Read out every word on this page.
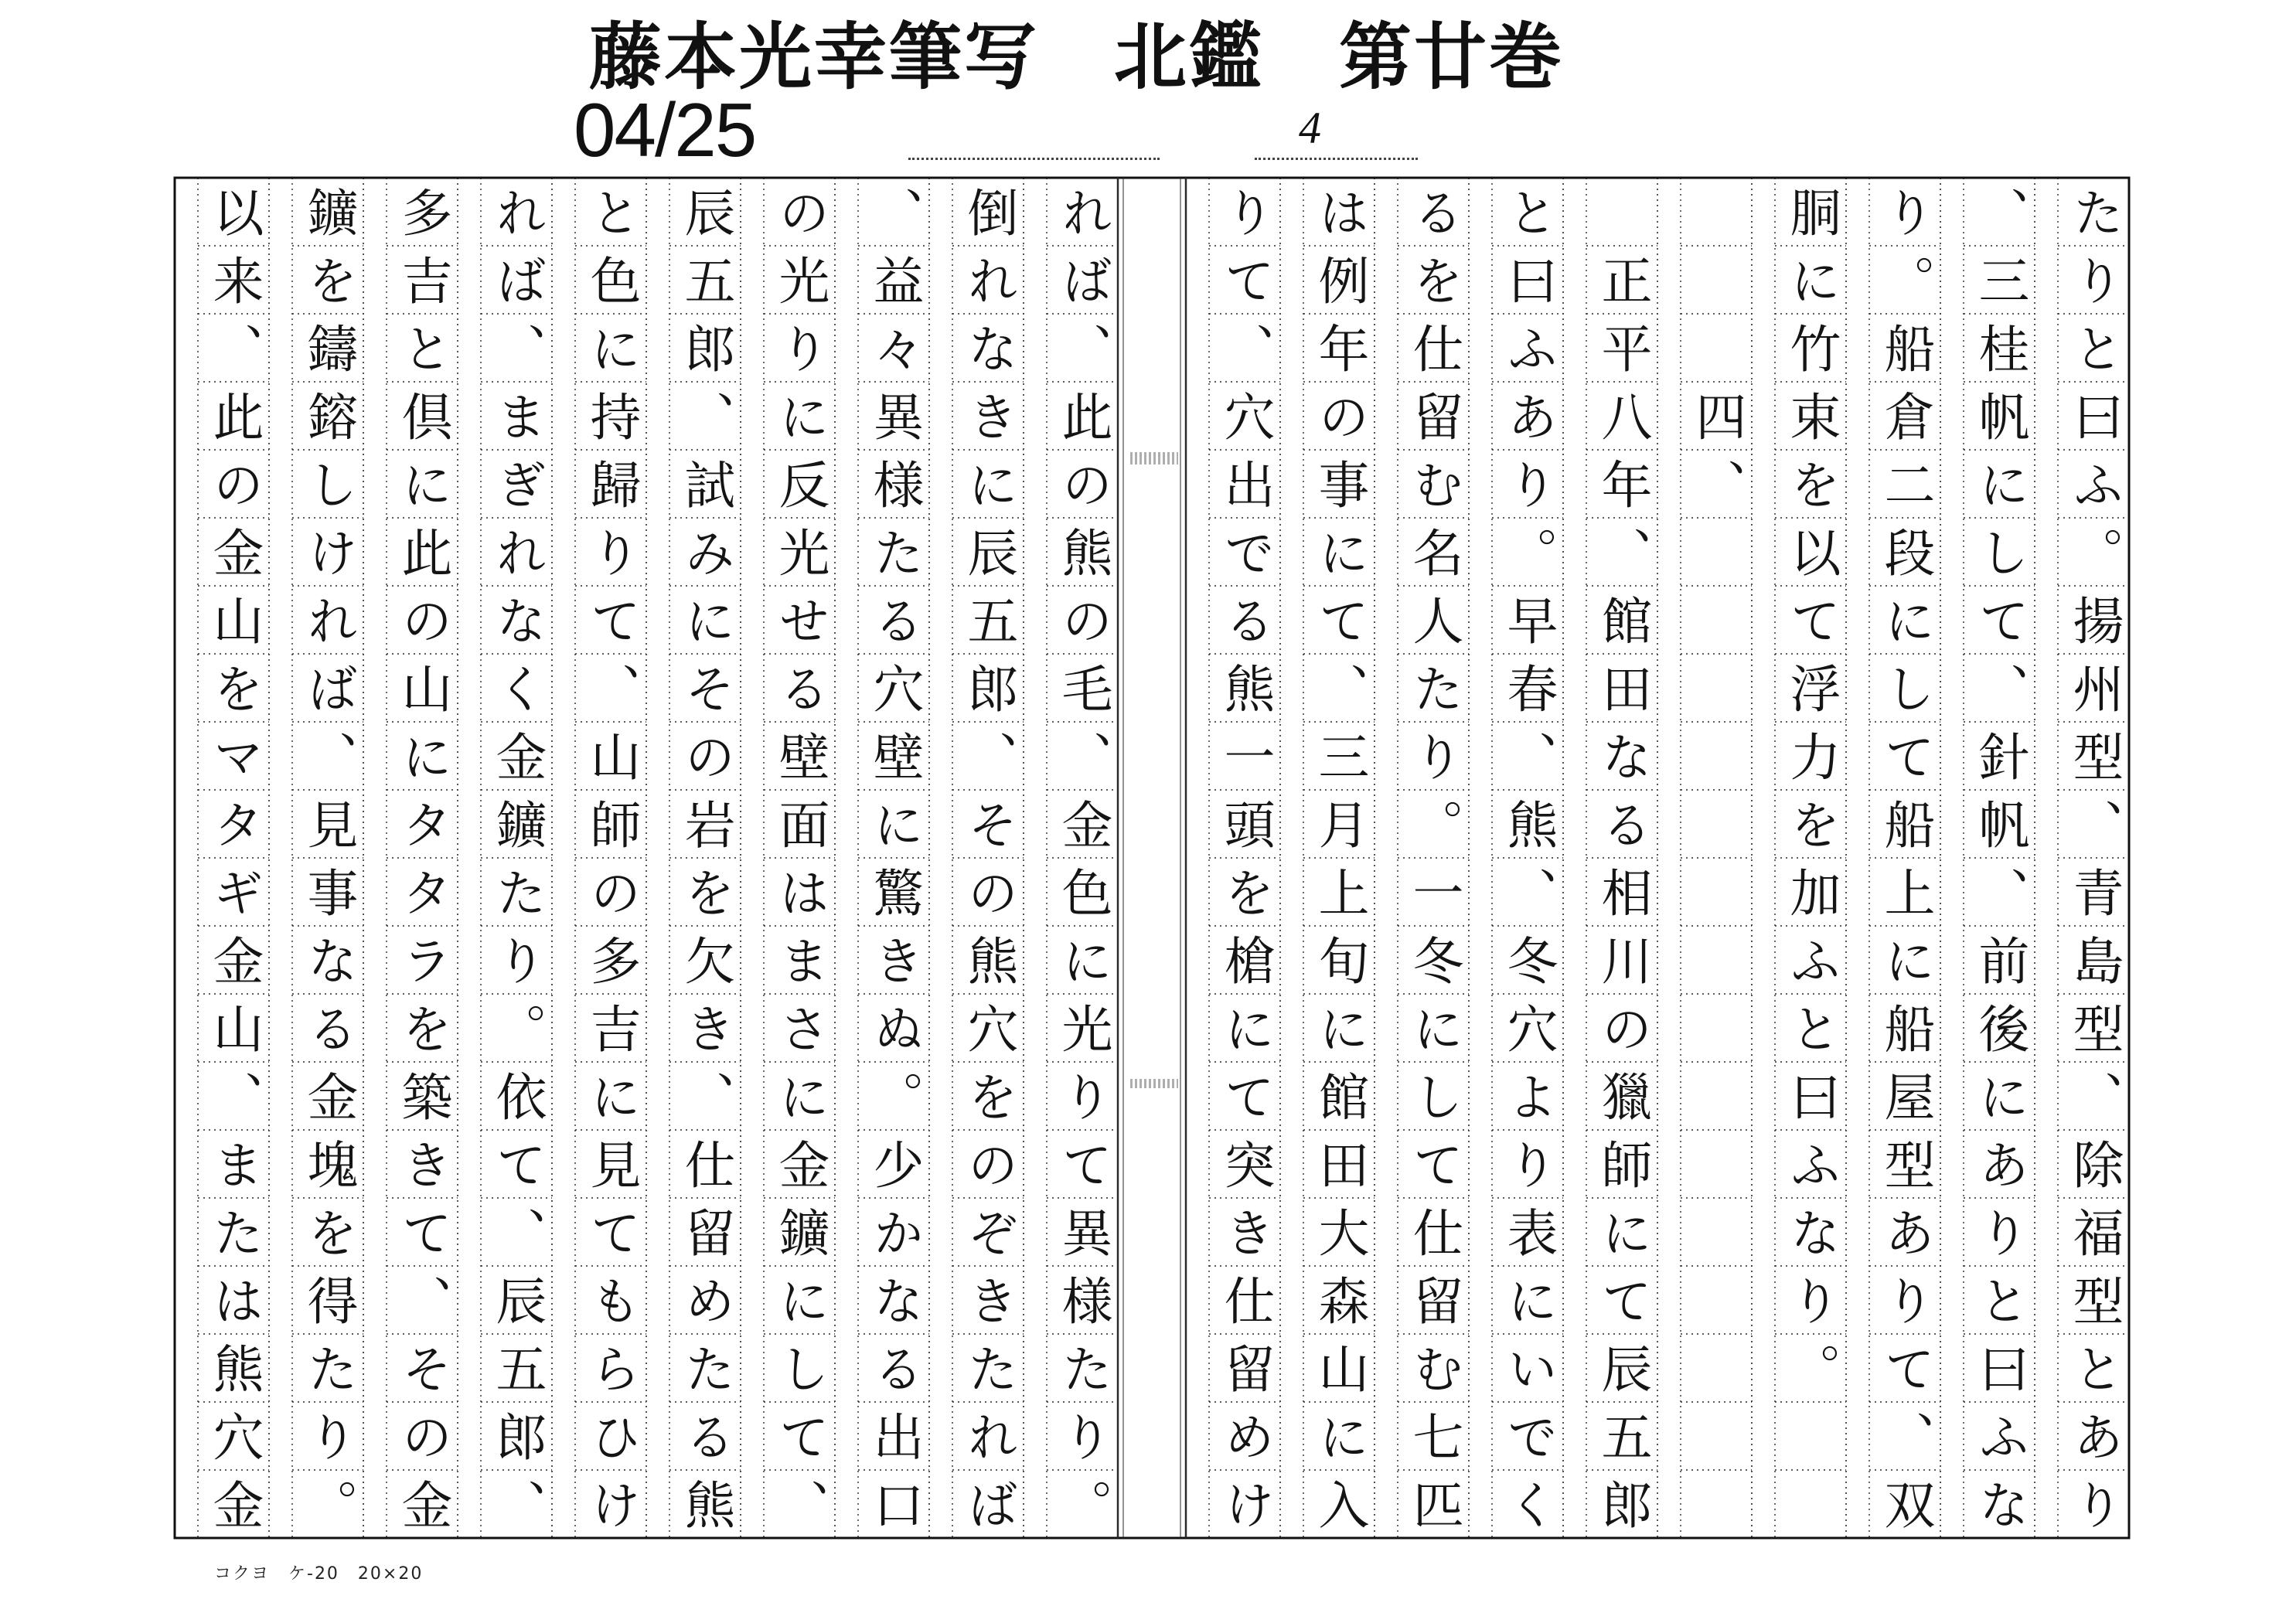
藤本光幸筆写　北鑑　第廿巻
04/25	4
たりと曰ふ。揚州型、青島型、除福型とあり
、三桂帆にして、針帆、前後にありと曰ふな
り。船倉二段にして船上に船屋型ありて、双
胴に竹束を以て浮力を加ふと曰ふなり。
　　　四、
　正平八年、館田なる相川の獵師にて辰五郎
と曰ふあり。早春、熊、冬穴より表にいでく
るを仕留む名人たり。一冬にして仕留む七匹
は例年の事にて、三月上旬に館田大森山に入
りて、穴出でる熊一頭を槍にて突き仕留めけ
れば、此の熊の毛、金色に光りて異様たり。
倒れなきに辰五郎、その熊穴をのぞきたれば
、益々異様たる穴壁に驚きぬ。少かなる出口
の光りに反光せる壁面はまさに金鑛にして、
辰五郎、試みにその岩を欠き、仕留めたる熊
と色に持歸りて、山師の多吉に見てもらひけ
れば、まぎれなく金鑛たり。依て、辰五郎、
多吉と倶に此の山にタタラを築きて、その金
鑛を鑄鎔しければ、見事なる金塊を得たり。
以来、此の金山をマタギ金山、または熊穴金
コクヨ　ケ-20　20×20
